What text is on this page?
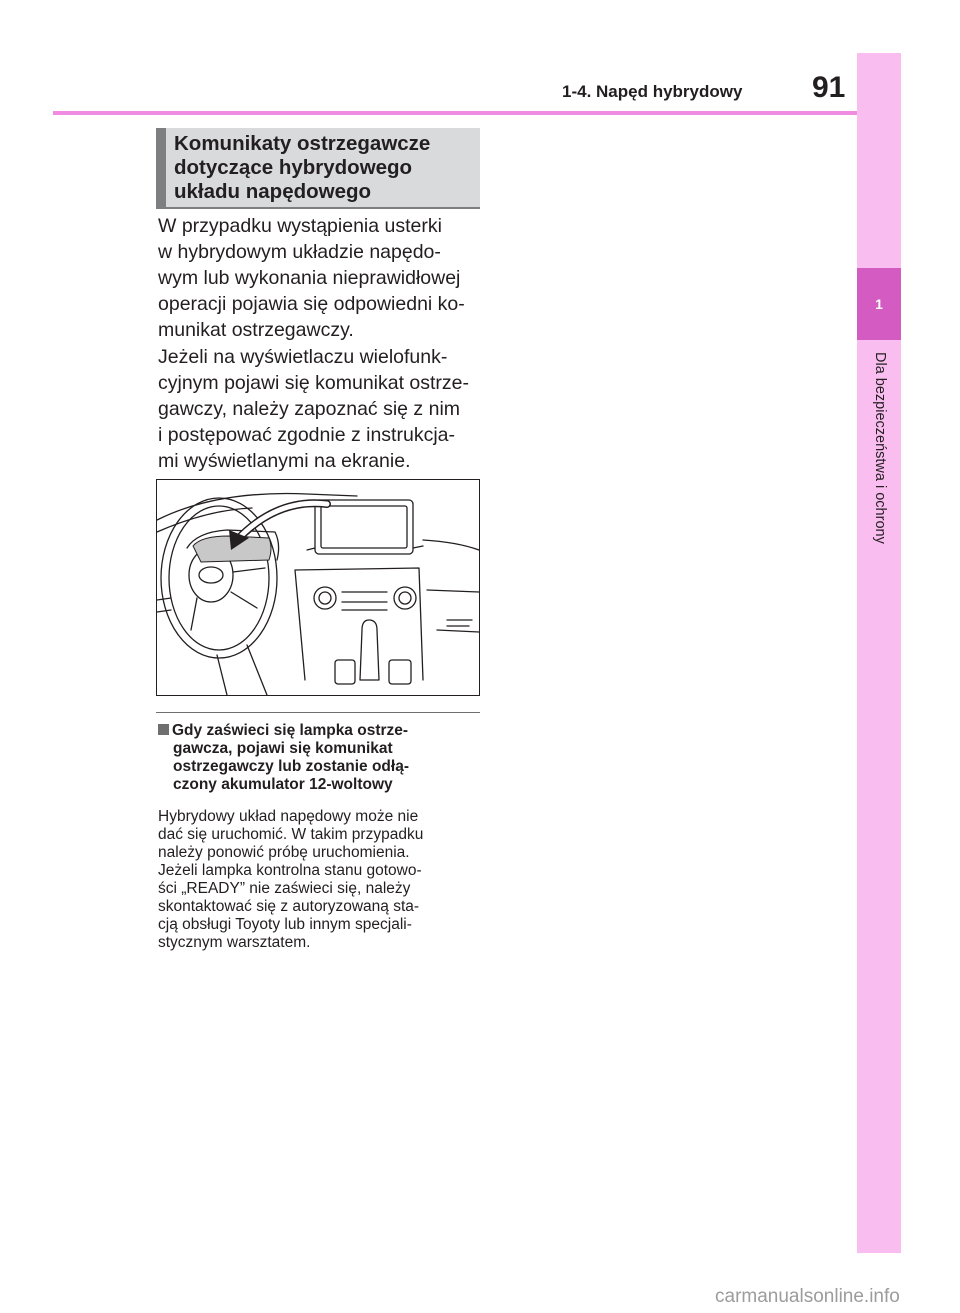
1
Dla bezpieczeństwa i ochrony
1-4. Napęd hybrydowy 91
Komunikaty ostrzegawcze
dotyczące hybrydowego
układu napędowego

W przypadku wystąpienia usterki
w hybrydowym układzie napędo-
wym lub wykonania nieprawidłowej
operacji pojawia się odpowiedni ko-
munikat ostrzegawczy.

Jeżeli na wyświetlaczu wielofunk-
cyjnym pojawi się komunikat ostrze-
gawczy, należy zapoznać się z nim
i postępować zgodnie z instrukcja-
mi wyświetlanymi na ekranie.

Gdy zaświeci się lampka ostrze-
gawcza, pojawi się komunikat
ostrzegawczy lub zostanie odłą-
czony akumulator 12-woltowy

Hybrydowy układ napędowy może nie
dać się uruchomić. W takim przypadku
należy ponowić próbę uruchomienia.
Jeżeli lampka kontrolna stanu gotowo-
ści „READY” nie zaświeci się, należy
skontaktować się z autoryzowaną sta-
cją obsługi Toyoty lub innym specjali-
stycznym warsztatem.

carmanualsonline.info
